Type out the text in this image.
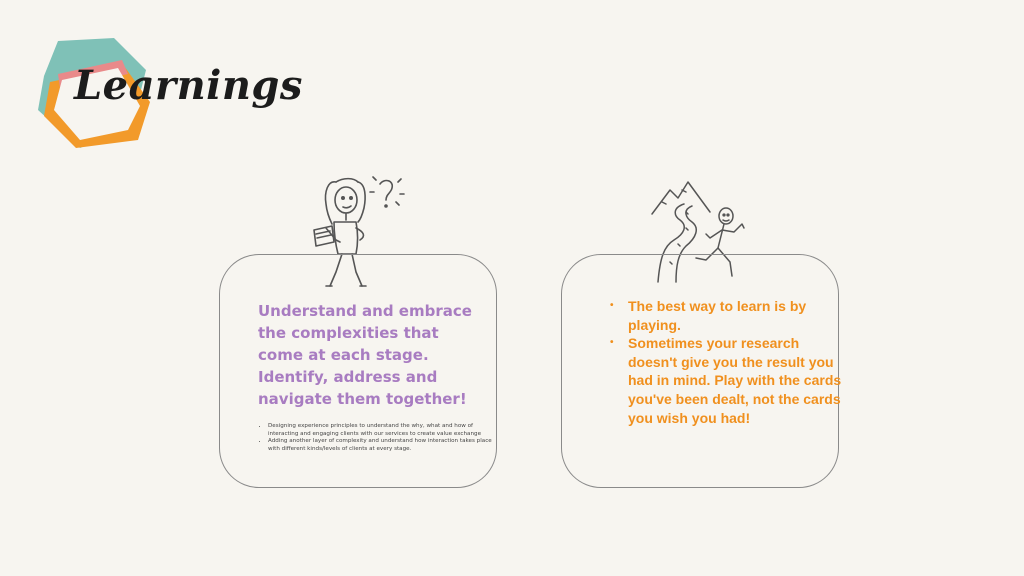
Learnings

Understand and embrace the complexities that come at each stage. Identify, address and navigate them together!

• Designing experience principles to understand the why, what and how of interacting and engaging clients with our services to create value exchange
• Adding another layer of complexity and understand how interaction takes place with different kinds/levels of clients at every stage.
• The best way to learn is by playing.
• Sometimes your research doesn't give you the result you had in mind. Play with the cards you've been dealt, not the cards you wish you had!
